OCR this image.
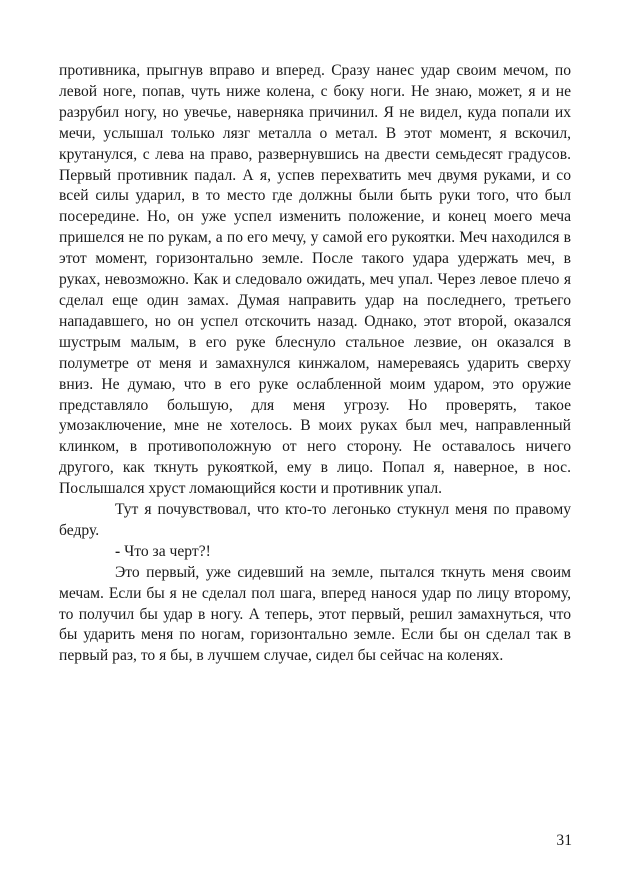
противника, прыгнув вправо и вперед. Сразу нанес удар своим мечом, по левой ноге, попав, чуть ниже колена, с боку ноги. Не знаю, может, я и не разрубил ногу, но увечье, наверняка причинил. Я не видел, куда попали их мечи, услышал только лязг металла о метал. В этот момент, я вскочил, крутанулся, с лева на право, развернувшись на двести семьдесят градусов. Первый противник падал. А я, успев перехватить меч двумя руками, и со всей силы ударил, в то место где должны были быть руки того, что был посередине. Но, он уже успел изменить положение, и конец моего меча пришелся не по рукам, а по его мечу, у самой его рукоятки. Меч находился в этот момент, горизонтально земле. После такого удара удержать меч, в руках, невозможно. Как и следовало ожидать, меч упал. Через левое плечо я сделал еще один замах. Думая направить удар на последнего, третьего нападавшего, но он успел отскочить назад. Однако, этот второй, оказался шустрым малым, в его руке блеснуло стальное лезвие, он оказался в полуметре от меня и замахнулся кинжалом, намереваясь ударить сверху вниз. Не думаю, что в его руке ослабленной моим ударом, это оружие представляло большую, для меня угрозу. Но проверять, такое умозаключение, мне не хотелось. В моих руках был меч, направленный клинком, в противоположную от него сторону. Не оставалось ничего другого, как ткнуть рукояткой, ему в лицо. Попал я, наверное, в нос. Послышался хруст ломающийся кости и противник упал.

Тут я почувствовал, что кто-то легонько стукнул меня по правому бедру.

- Что за черт?!

Это первый, уже сидевший на земле, пытался ткнуть меня своим мечам. Если бы я не сделал пол шага, вперед нанося удар по лицу второму, то получил бы удар в ногу. А теперь, этот первый, решил замахнуться, что бы ударить меня по ногам, горизонтально земле. Если бы он сделал так в первый раз, то я бы, в лучшем случае, сидел бы сейчас на коленях.

31
